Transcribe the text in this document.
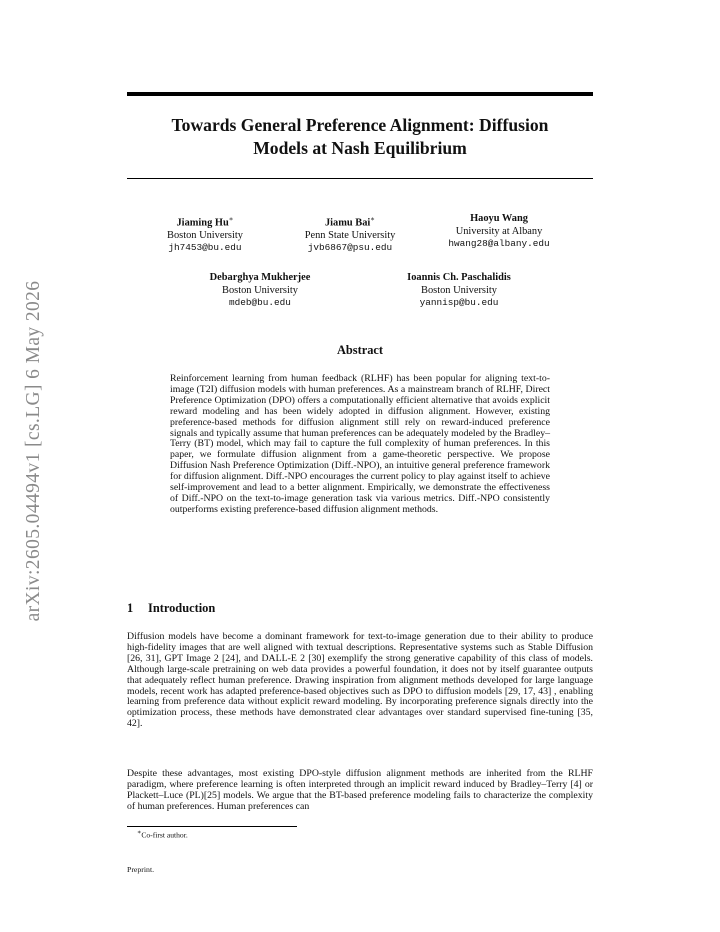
arXiv:2605.04494v1 [cs.LG] 6 May 2026
Towards General Preference Alignment: Diffusion
Models at Nash Equilibrium
Jiaming Hu∗
Boston University
jh7453@bu.edu
Jiamu Bai∗
Penn State University
jvb6867@psu.edu
Haoyu Wang
University at Albany
hwang28@albany.edu
Debarghya Mukherjee
Boston University
mdeb@bu.edu
Ioannis Ch. Paschalidis
Boston University
yannisp@bu.edu
Abstract
Reinforcement learning from human feedback (RLHF) has been popular for aligning text-to-image (T2I) diffusion models with human preferences. As a mainstream branch of RLHF, Direct Preference Optimization (DPO) offers a computationally efficient alternative that avoids explicit reward modeling and has been widely adopted in diffusion alignment. However, existing preference-based methods for diffusion alignment still rely on reward-induced preference signals and typically assume that human preferences can be adequately modeled by the Bradley–Terry (BT) model, which may fail to capture the full complexity of human preferences. In this paper, we formulate diffusion alignment from a game-theoretic perspective. We propose Diffusion Nash Preference Optimization (Diff.-NPO), an intuitive general preference framework for diffusion alignment. Diff.-NPO encourages the current policy to play against itself to achieve self-improvement and lead to a better alignment. Empirically, we demonstrate the effectiveness of Diff.-NPO on the text-to-image generation task via various metrics. Diff.-NPO consistently outperforms existing preference-based diffusion alignment methods.
1 Introduction
Diffusion models have become a dominant framework for text-to-image generation due to their ability to produce high-fidelity images that are well aligned with textual descriptions. Representative systems such as Stable Diffusion [26, 31], GPT Image 2 [24], and DALL-E 2 [30] exemplify the strong generative capability of this class of models. Although large-scale pretraining on web data provides a powerful foundation, it does not by itself guarantee outputs that adequately reflect human preference. Drawing inspiration from alignment methods developed for large language models, recent work has adapted preference-based objectives such as DPO to diffusion models [29, 17, 43] , enabling learning from preference data without explicit reward modeling. By incorporating preference signals directly into the optimization process, these methods have demonstrated clear advantages over standard supervised fine-tuning [35, 42].
Despite these advantages, most existing DPO-style diffusion alignment methods are inherited from the RLHF paradigm, where preference learning is often interpreted through an implicit reward induced by Bradley–Terry [4] or Plackett–Luce (PL)[25] models. We argue that the BT-based preference modeling fails to characterize the complexity of human preferences. Human preferences can
∗Co-first author.
Preprint.
